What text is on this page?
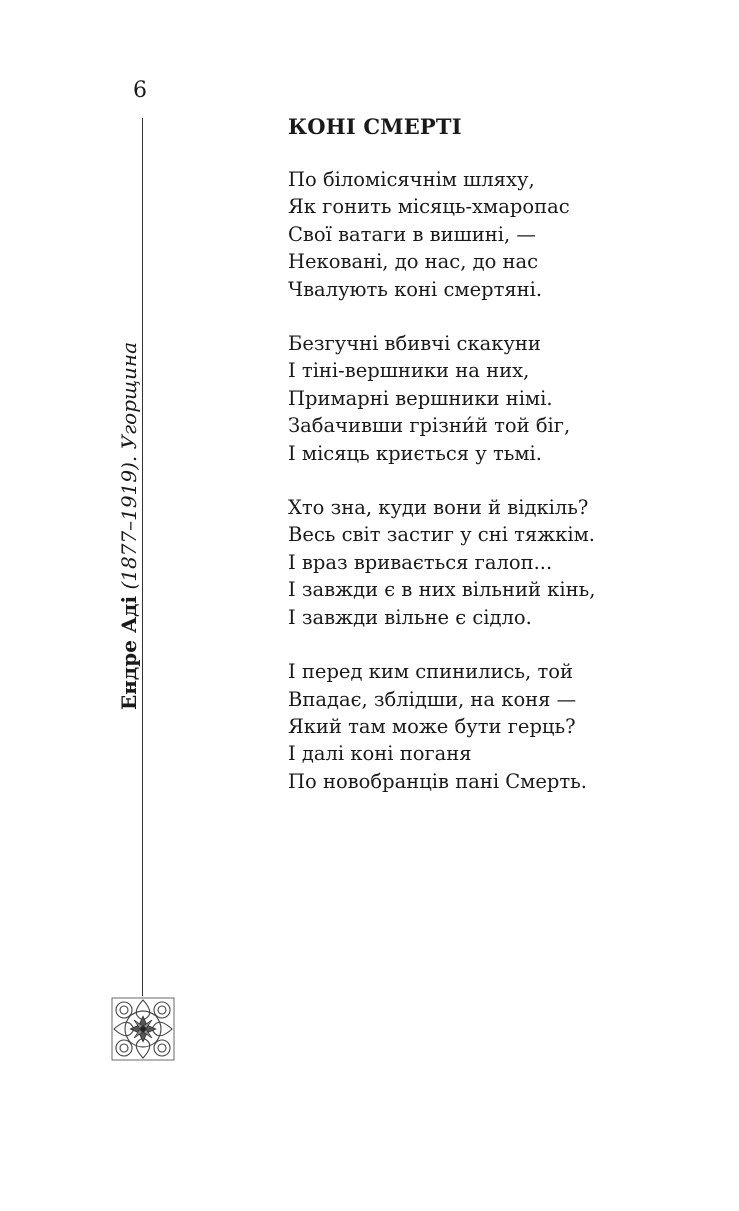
6
Ендре Аді (1877–1919). Угорщина
КОНІ СМЕРТІ
По біломісячнім шляху,
Як гонить місяць-хмаропас
Свої ватаги в вишині, —
Нековані, до нас, до нас
Чвалують коні смертяні.
Безгучні вбивчі скакуни
І тіні-вершники на них,
Примарні вершники німі.
Забачивши грізни́й той біг,
І місяць криється у тьмі.
Хто зна, куди вони й відкіль?
Весь світ застиг у сні тяжкім.
І враз вривається галоп...
І завжди є в них вільний кінь,
І завжди вільне є сідло.
І перед ким спинились, той
Впадає, зблідши, на коня —
Який там може бути герць?
І далі коні поганя
По новобранців пані Смерть.
